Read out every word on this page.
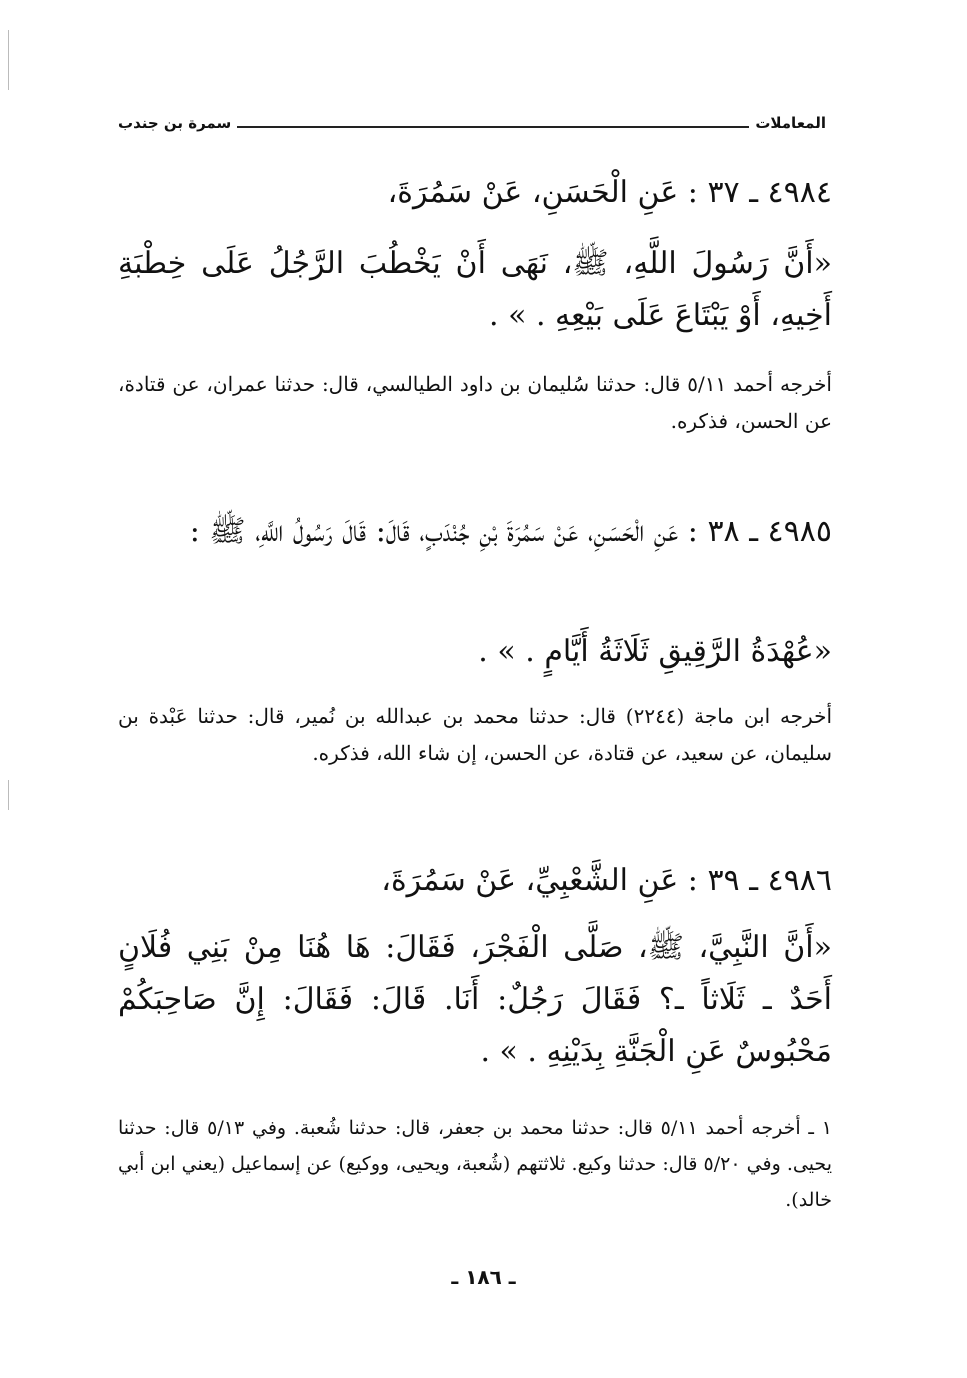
المعاملات
سمرة بن جندب
٤٩٨٤ ـ ٣٧ : عَنِ الْحَسَنِ، عَنْ سَمُرَةَ،
«أَنَّ رَسُولَ اللَّهِ، ﷺ، نَهَى أَنْ يَخْطُبَ الرَّجُلُ عَلَى خِطْبَةِ أَخِيهِ، أَوْ يَبْتَاعَ عَلَى بَيْعِهِ . » .
أخرجه أحمد ٥/١١ قال: حدثنا سُليمان بن داود الطيالسي، قال: حدثنا عمران، عن قتادة، عن الحسن، فذكره.
٤٩٨٥ ـ ٣٨ : عَنِ الْحَسَنِ، عَنْ سَمُرَةَ بْنِ جُنْدَبٍ، قَالَ: قَالَ رَسُولُ اللَّهِ، ﷺ :
«عُهْدَةُ الرَّقِيقِ ثَلَاثَةُ أَيَّامٍ . » .
أخرجه ابن ماجة (٢٢٤٤) قال: حدثنا محمد بن عبدالله بن نُمير، قال: حدثنا عَبْدة بن سليمان، عن سعيد، عن قتادة، عن الحسن، إن شاء الله، فذكره.
٤٩٨٦ ـ ٣٩ : عَنِ الشَّعْبِيِّ، عَنْ سَمُرَةَ،
«أَنَّ النَّبِيَّ، ﷺ، صَلَّى الْفَجْرَ، فَقَالَ: هَا هُنَا مِنْ بَنِي فُلَانٍ أَحَدٌ ـ ثَلَاثاً ـ؟ فَقَالَ رَجُلٌ: أَنَا. قَالَ: فَقَالَ: إِنَّ صَاحِبَكُمْ مَحْبُوسٌ عَنِ الْجَنَّةِ بِدَيْنِهِ . » .
١ ـ أخرجه أحمد ٥/١١ قال: حدثنا محمد بن جعفر، قال: حدثنا شُعبة. وفي ٥/١٣ قال: حدثنا يحيى. وفي ٥/٢٠ قال: حدثنا وكيع. ثلاثتهم (شُعبة، ويحيى، ووكيع) عن إسماعيل (يعني ابن أبي خالد).
ـ ١٨٦ ـ
